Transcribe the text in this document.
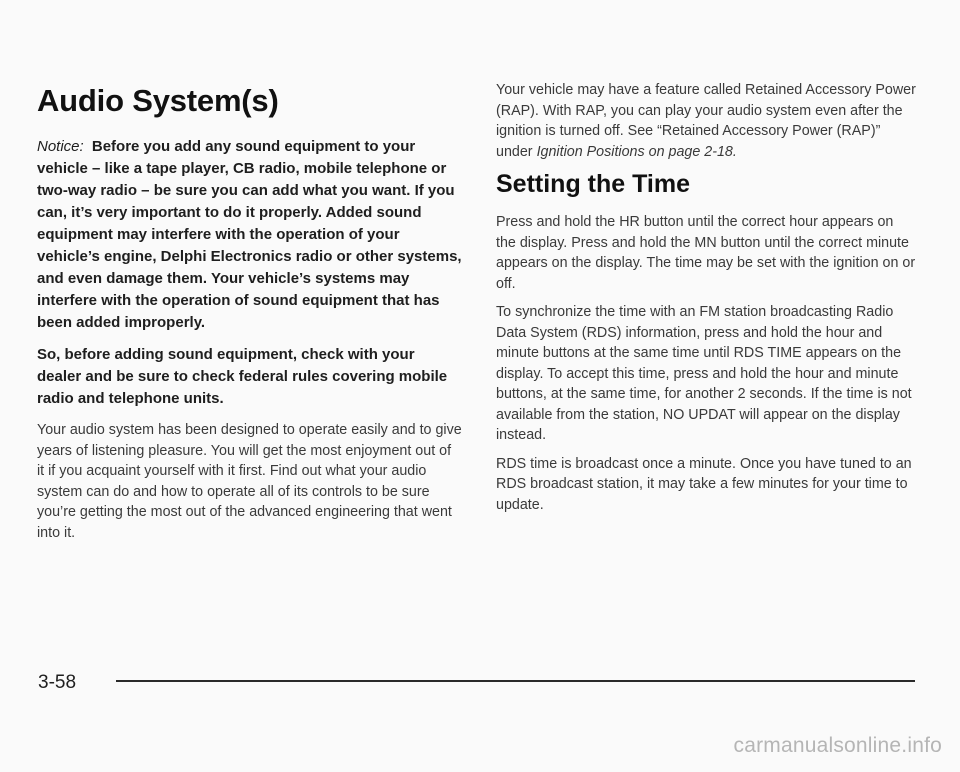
Audio System(s)

Notice: Before you add any sound equipment to your vehicle – like a tape player, CB radio, mobile telephone or two-way radio – be sure you can add what you want. If you can, it’s very important to do it properly. Added sound equipment may interfere with the operation of your vehicle’s engine, Delphi Electronics radio or other systems, and even damage them. Your vehicle’s systems may interfere with the operation of sound equipment that has been added improperly.

So, before adding sound equipment, check with your dealer and be sure to check federal rules covering mobile radio and telephone units.

Your audio system has been designed to operate easily and to give years of listening pleasure. You will get the most enjoyment out of it if you acquaint yourself with it first. Find out what your audio system can do and how to operate all of its controls to be sure you’re getting the most out of the advanced engineering that went into it.

Your vehicle may have a feature called Retained Accessory Power (RAP). With RAP, you can play your audio system even after the ignition is turned off. See “Retained Accessory Power (RAP)” under Ignition Positions on page 2-18.

Setting the Time

Press and hold the HR button until the correct hour appears on the display. Press and hold the MN button until the correct minute appears on the display. The time may be set with the ignition on or off.

To synchronize the time with an FM station broadcasting Radio Data System (RDS) information, press and hold the hour and minute buttons at the same time until RDS TIME appears on the display. To accept this time, press and hold the hour and minute buttons, at the same time, for another 2 seconds. If the time is not available from the station, NO UPDAT will appear on the display instead.

RDS time is broadcast once a minute. Once you have tuned to an RDS broadcast station, it may take a few minutes for your time to update.

3-58
carmanualsonline.info
